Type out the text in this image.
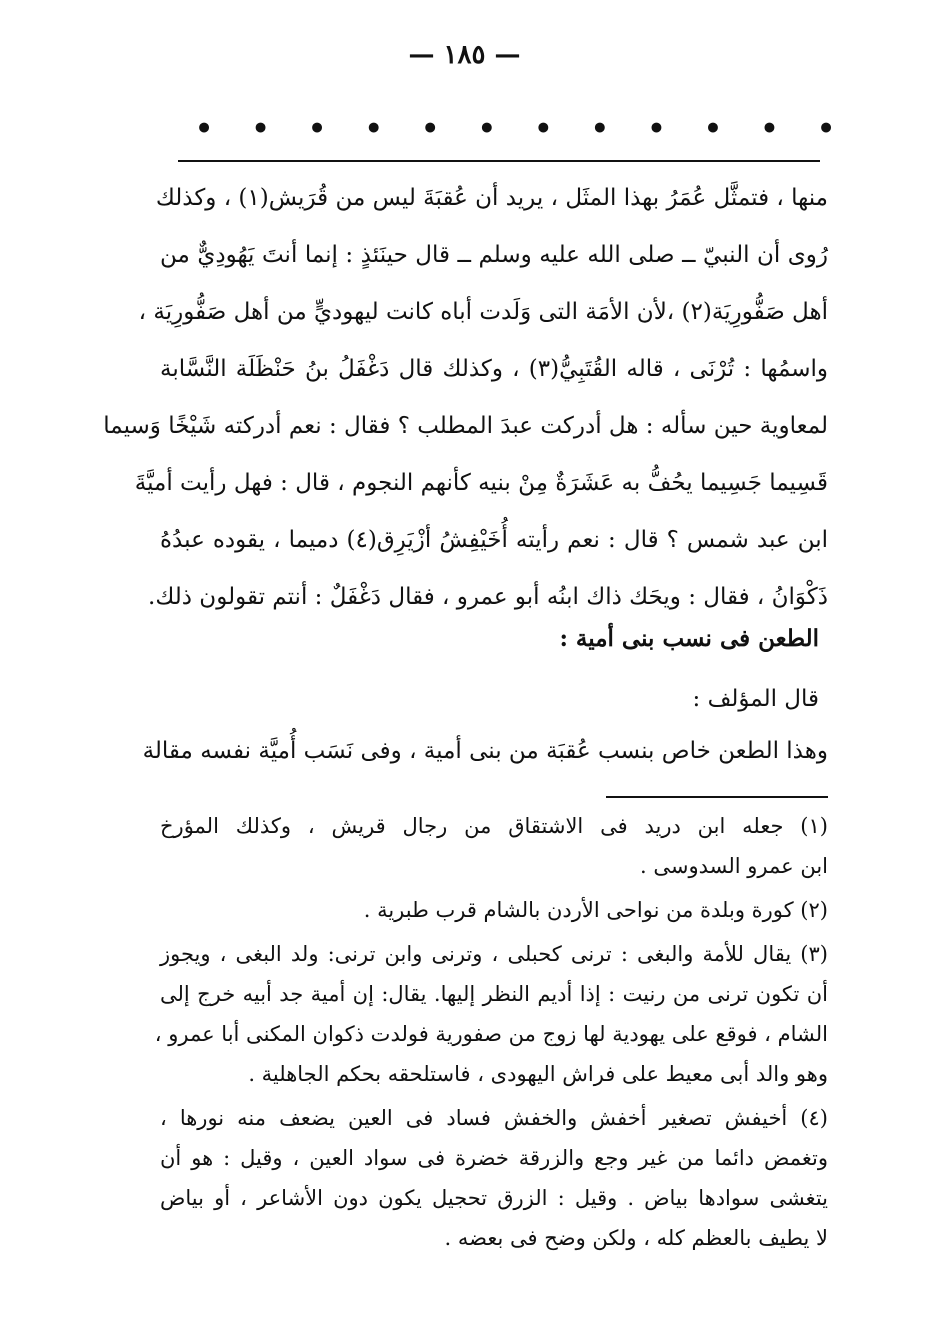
— ١٨٥ —
•
•
•
•
•
•
•
•
•
•
•
•
منها ، فتمثَّل عُمَرُ بهذا المثَل ، يريد أن عُقبَةَ ليس من قُرَيش(١) ، وكذلك
رُوى أن النبيّ ــ صلى الله عليه وسلم ــ قال حينَئذٍ : إنما أنتَ يَهُودِيٌّ من
أهل صَفُّورِيَة(٢) ،لأن الأمَة التى وَلَدت أباه كانت ليهوديٍّ من أهل صَفُّورِيَة ،
واسمُها : تُرْنَى ، قاله القُتَبِيُّ(٣) ، وكذلك قال دَغْفَلُ بنُ حَنْظَلَة النَّسَّابة
لمعاوية حين سأله : هل أدركت عبدَ المطلب ؟ فقال : نعم أدركته شَيْخًا وَسيما
قَسِيما جَسِيما يحُفُّ به عَشَرَةٌ مِنْ بنيه كأنهم النجوم ، قال : فهل رأيت أميَّةَ
ابن عبد شمس ؟ قال : نعم رأيته أُخَيْفِشُ أزْيَرِق(٤) دميما ، يقوده عبدُهُ
ذَكْوَانُ ، فقال : ويحَك ذاك ابنُه أبو عمرو ، فقال دَغْفَلٌ : أنتم تقولون ذلك.
الطعن فى نسب بنى أمية :
قال المؤلف :
وهذا الطعن خاص بنسب عُقبَة من بنى أمية ، وفى نَسَب أُميَّة نفسه مقالة
(١) جعله ابن دريد فى الاشتقاق من رجال قريش ، وكذلك المؤرخ
ابن عمرو السدوسى .
(٢) كورة وبلدة من نواحى الأردن بالشام قرب طبرية .
(٣) يقال للأمة والبغى : ترنى كحبلى ، وترنى وابن ترنى: ولد البغى ، ويجوز
أن تكون ترنى من رنيت : إذا أديم النظر إليها. يقال: إن أمية جد أبيه خرج إلى
الشام ، فوقع على يهودية لها زوج من صفورية فولدت ذكوان المكنى أبا عمرو ،
وهو والد أبى معيط على فراش اليهودى ، فاستلحقه بحكم الجاهلية .
(٤) أخيفش تصغير أخفش والخفش فساد فى العين يضعف منه نورها ،
وتغمض دائما من غير وجع والزرقة خضرة فى سواد العين ، وقيل : هو أن
يتغشى سوادها بياض . وقيل : الزرق تحجيل يكون دون الأشاعر ، أو بياض
لا يطيف بالعظم كله ، ولكن وضح فى بعضه .
